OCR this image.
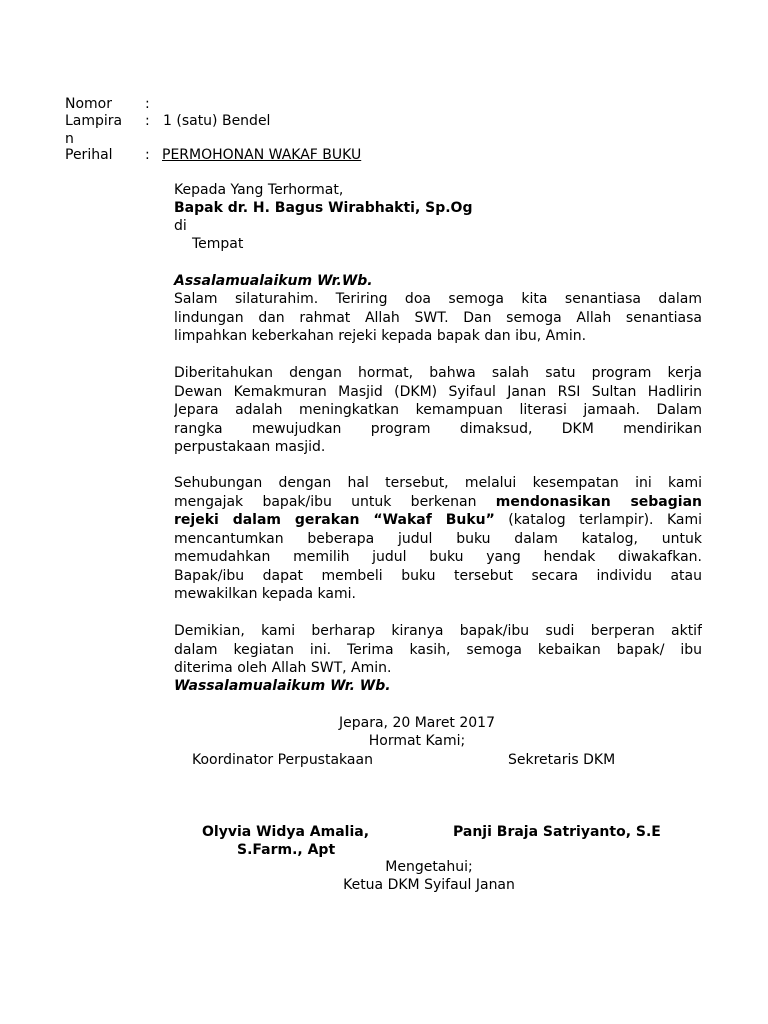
Nomor :
Lampira
n
: 1 (satu) Bendel
Perihal : PERMOHONAN WAKAF BUKU
Kepada Yang Terhormat,
Bapak dr. H. Bagus Wirabhakti, Sp.Og
di
Tempat
Assalamualaikum Wr.Wb.
Salam silaturahim. Teriring doa semoga kita senantiasa dalam
lindungan dan rahmat Allah SWT. Dan semoga Allah senantiasa
limpahkan keberkahan rejeki kepada bapak dan ibu, Amin.
Diberitahukan dengan hormat, bahwa salah satu program kerja
Dewan Kemakmuran Masjid (DKM) Syifaul Janan RSI Sultan Hadlirin
Jepara adalah meningkatkan kemampuan literasi jamaah. Dalam
rangka mewujudkan program dimaksud, DKM mendirikan
perpustakaan masjid.
Sehubungan dengan hal tersebut, melalui kesempatan ini kami
mengajak bapak/ibu untuk berkenan mendonasikan sebagian
rejeki dalam gerakan “Wakaf Buku” (katalog terlampir). Kami
mencantumkan beberapa judul buku dalam katalog, untuk
memudahkan memilih judul buku yang hendak diwakafkan.
Bapak/ibu dapat membeli buku tersebut secara individu atau
mewakilkan kepada kami.
Demikian, kami berharap kiranya bapak/ibu sudi berperan aktif
dalam kegiatan ini. Terima kasih, semoga kebaikan bapak/ ibu
diterima oleh Allah SWT, Amin.
Wassalamualaikum Wr. Wb.
Jepara, 20 Maret 2017
Hormat Kami;
Koordinator Perpustakaan	Sekretaris DKM
Olyvia Widya Amalia,
S.Farm., Apt
Panji Braja Satriyanto, S.E
Mengetahui;
Ketua DKM Syifaul Janan
